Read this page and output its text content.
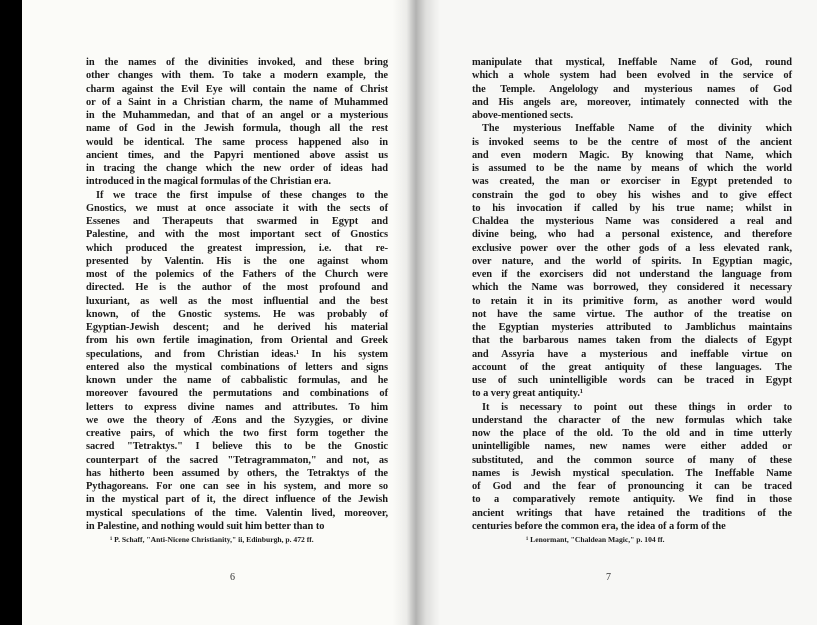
in the names of the divinities invoked, and these bring
other changes with them. To take a modern example, the
charm against the Evil Eye will contain the name of Christ
or of a Saint in a Christian charm, the name of Muhammed
in the Muhammedan, and that of an angel or a mysterious
name of God in the Jewish formula, though all the rest
would be identical. The same process happened also in
ancient times, and the Papyri mentioned above assist us
in tracing the change which the new order of ideas had
introduced in the magical formulas of the Christian era.
If we trace the first impulse of these changes to the
Gnostics, we must at once associate it with the sects of
Essenes and Therapeuts that swarmed in Egypt and
Palestine, and with the most important sect of Gnostics
which produced the greatest impression, i.e. that re-
presented by Valentin. His is the one against whom
most of the polemics of the Fathers of the Church were
directed. He is the author of the most profound and
luxuriant, as well as the most influential and the best
known, of the Gnostic systems. He was probably of
Egyptian-Jewish descent; and he derived his material
from his own fertile imagination, from Oriental and Greek
speculations, and from Christian ideas.¹ In his system
entered also the mystical combinations of letters and signs
known under the name of cabbalistic formulas, and he
moreover favoured the permutations and combinations of
letters to express divine names and attributes. To him
we owe the theory of Æons and the Syzygies, or divine
creative pairs, of which the two first form together the
sacred "Tetraktys." I believe this to be the Gnostic
counterpart of the sacred "Tetragrammaton," and not, as
has hitherto been assumed by others, the Tetraktys of the
Pythagoreans. For one can see in his system, and more so
in the mystical part of it, the direct influence of the Jewish
mystical speculations of the time. Valentin lived, moreover,
in Palestine, and nothing would suit him better than to
¹ P. Schaff, "Anti-Nicene Christianity," ii, Edinburgh, p. 472 ff.
6
manipulate that mystical, Ineffable Name of God, round
which a whole system had been evolved in the service of
the Temple. Angelology and mysterious names of God
and His angels are, moreover, intimately connected with the
above-mentioned sects.
The mysterious Ineffable Name of the divinity which
is invoked seems to be the centre of most of the ancient
and even modern Magic. By knowing that Name, which
is assumed to be the name by means of which the world
was created, the man or exorciser in Egypt pretended to
constrain the god to obey his wishes and to give effect
to his invocation if called by his true name; whilst in
Chaldea the mysterious Name was considered a real and
divine being, who had a personal existence, and therefore
exclusive power over the other gods of a less elevated rank,
over nature, and the world of spirits. In Egyptian magic,
even if the exorcisers did not understand the language from
which the Name was borrowed, they considered it necessary
to retain it in its primitive form, as another word would
not have the same virtue. The author of the treatise on
the Egyptian mysteries attributed to Jamblichus maintains
that the barbarous names taken from the dialects of Egypt
and Assyria have a mysterious and ineffable virtue on
account of the great antiquity of these languages. The
use of such unintelligible words can be traced in Egypt
to a very great antiquity.¹
It is necessary to point out these things in order to
understand the character of the new formulas which take
now the place of the old. To the old and in time utterly
unintelligible names, new names were either added or
substituted, and the common source of many of these
names is Jewish mystical speculation. The Ineffable Name
of God and the fear of pronouncing it can be traced
to a comparatively remote antiquity. We find in those
ancient writings that have retained the traditions of the
centuries before the common era, the idea of a form of the
¹ Lenormant, "Chaldean Magic," p. 104 ff.
7
